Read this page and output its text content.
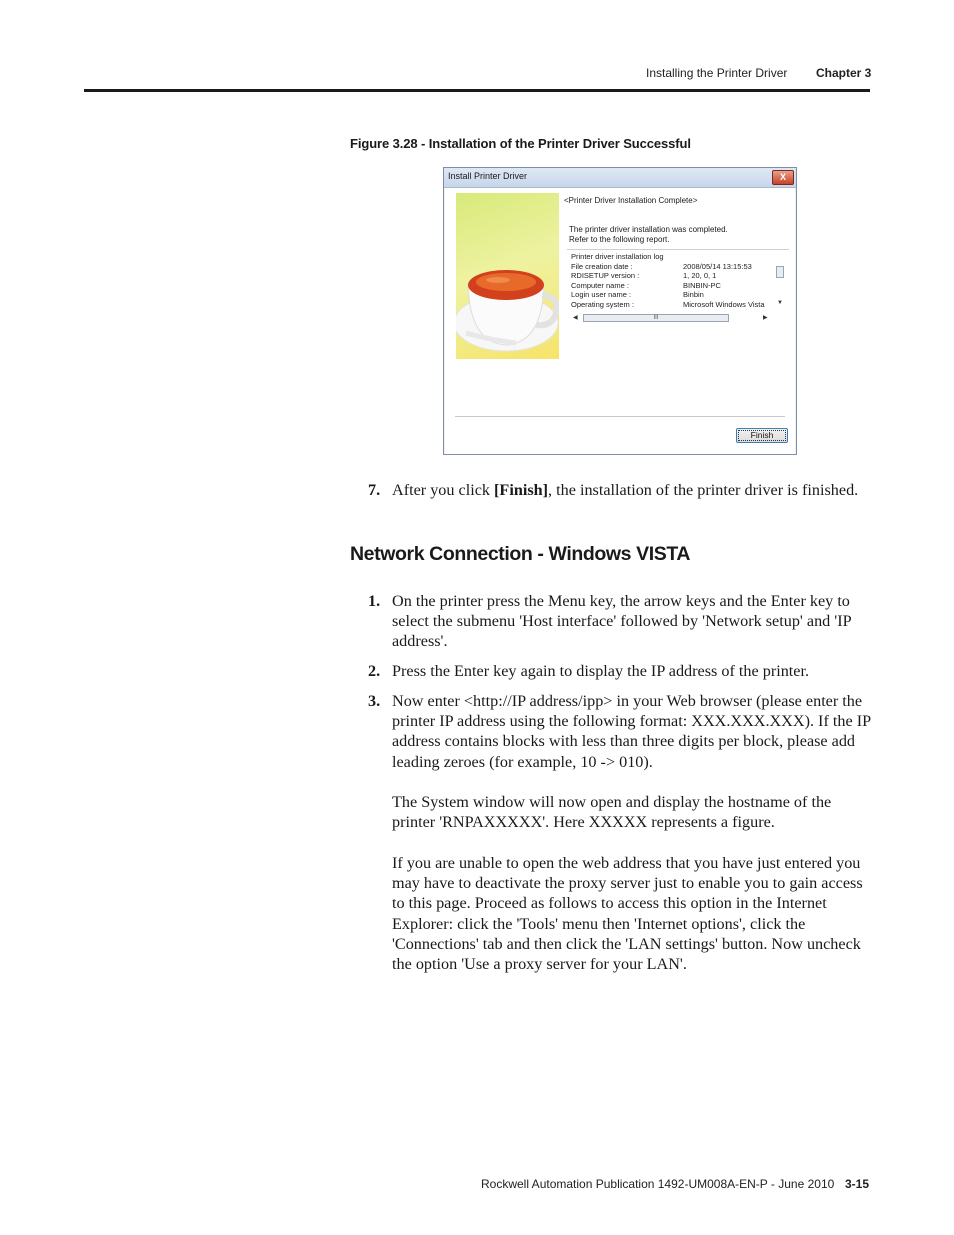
Installing the Printer Driver Chapter 3
Figure 3.28 - Installation of the Printer Driver Successful
Install Printer Driver	X
<Printer Driver Installation Complete>
The printer driver installation was completed.
Refer to the following report.
Printer driver installation log
File creation date :	2008/05/14 13:15:53
RDISETUP version :	1, 20, 0, 1
Computer name :	BINBIN-PC
Login user name :	Binbin
Operating system :	Microsoft Windows Vista ▼
◀	III	▶
Finish
7. After you click [Finish], the installation of the printer driver is finished.
Network Connection - Windows VISTA
1. On the printer press the Menu key, the arrow keys and the Enter key to select the submenu 'Host interface' followed by 'Network setup' and 'IP address'.
2. Press the Enter key again to display the IP address of the printer.
3. Now enter <http://IP address/ipp> in your Web browser (please enter the printer IP address using the following format: XXX.XXX.XXX). If the IP address contains blocks with less than three digits per block, please add leading zeroes (for example, 10 -> 010).
The System window will now open and display the hostname of the printer 'RNPAXXXXX'. Here XXXXX represents a figure.
If you are unable to open the web address that you have just entered you may have to deactivate the proxy server just to enable you to gain access to this page. Proceed as follows to access this option in the Internet Explorer: click the 'Tools' menu then 'Internet options', click the 'Connections' tab and then click the 'LAN settings' button. Now uncheck the option 'Use a proxy server for your LAN'.
Rockwell Automation Publication 1492-UM008A-EN-P - June 2010 3-15
